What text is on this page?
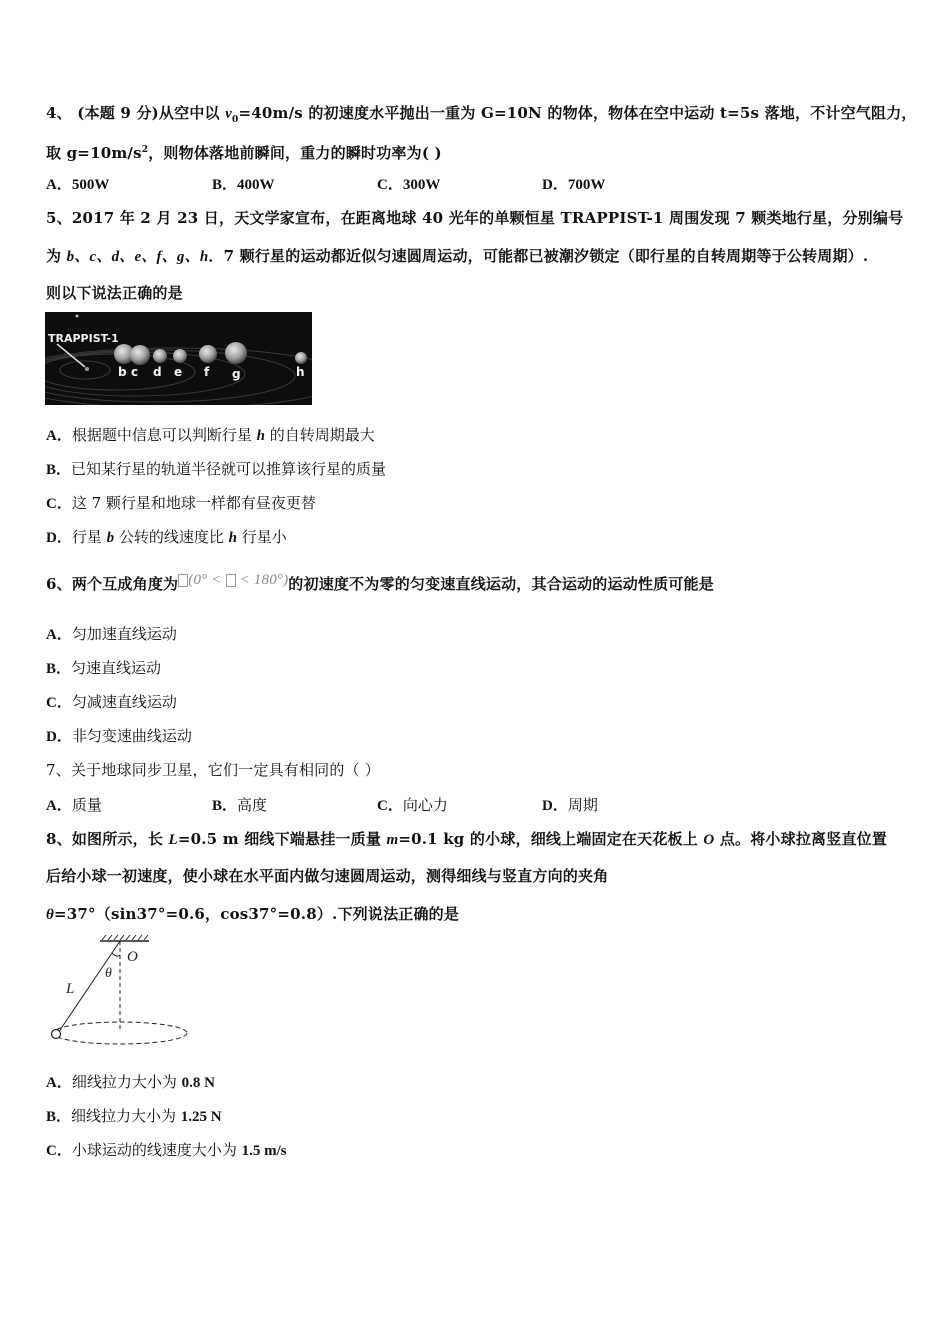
4、 (本题 9 分)从空中以 $v_0=40m/s$ 的初速度水平抛出一重为 G=10N 的物体，物体在空中运动 t=5s 落地，不计空气阻力，
取 $g=10m/s^2$，则物体落地前瞬间，重力的瞬时功率为( )
A．500W	B．400W	C．300W	D．700W
5、2017 年 2 月 23 日，天文学家宣布，在距离地球 40 光年的单颗恒星 TRAPPIST-1 周围发现 7 颗类地行星，分别编号
为 b、c、d、e、f、g、h．7 颗行星的运动都近似匀速圆周运动，可能都已被潮汐锁定（即行星的自转周期等于公转周期）.
则以下说法正确的是
TRAPPIST-1
b c d e f g	h
A．根据题中信息可以判断行星 h 的自转周期最大
B．已知某行星的轨道半径就可以推算该行星的质量
C．这 7 颗行星和地球一样都有昼夜更替
D．行星 b 公转的线速度比 h 行星小
6、两个互成角度为 (0° <  < 180°)的初速度不为零的匀变速直线运动，其合运动的运动性质可能是
A．匀加速直线运动
B．匀速直线运动
C．匀减速直线运动
D．非匀变速曲线运动
7、关于地球同步卫星，它们一定具有相同的（ ）
A．质量	B．高度	C．向心力	D．周期
8、如图所示，长 L=0.5 m 细线下端悬挂一质量 m=0.1 kg 的小球，细线上端固定在天花板上 O 点。将小球拉离竖直位置
后给小球一初速度，使小球在水平面内做匀速圆周运动，测得细线与竖直方向的夹角
θ=37°（sin37°=0.6，cos37°=0.8）.下列说法正确的是
O
θ
L
A．细线拉力大小为 0.8 N
B．细线拉力大小为 1.25 N
C．小球运动的线速度大小为 1.5 m/s
